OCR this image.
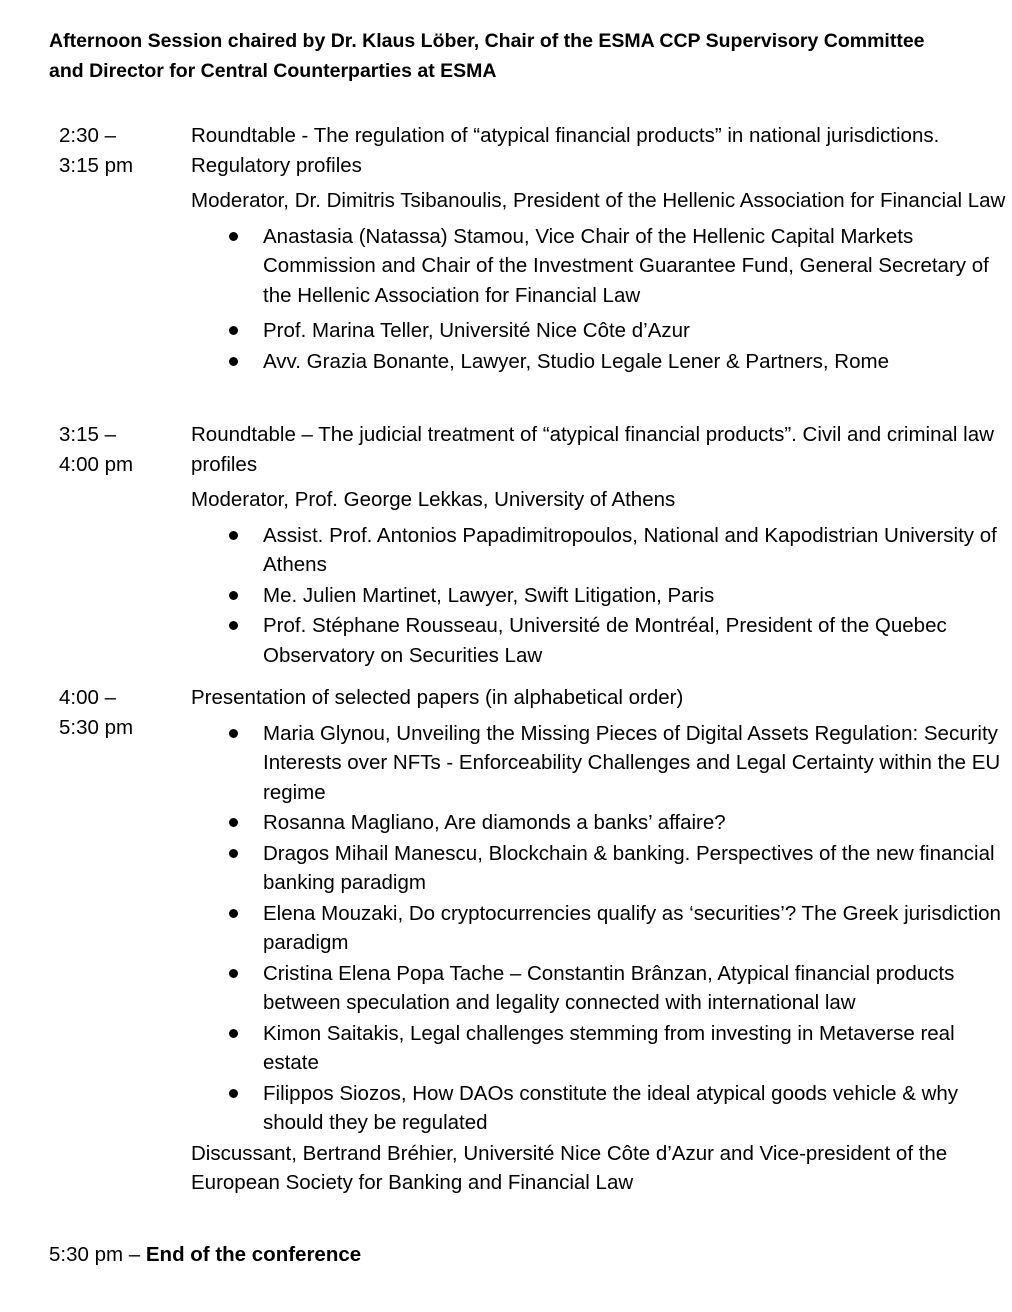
Afternoon Session chaired by Dr. Klaus Löber, Chair of the ESMA CCP Supervisory Committee
and Director for Central Counterparties at ESMA
2:30 –
3:15 pm
Roundtable - The regulation of “atypical financial products” in national jurisdictions. Regulatory profiles
Moderator, Dr. Dimitris Tsibanoulis, President of the Hellenic Association for Financial Law
Anastasia (Natassa) Stamou, Vice Chair of the Hellenic Capital Markets Commission and Chair of the Investment Guarantee Fund, General Secretary of the Hellenic Association for Financial Law
Prof. Marina Teller, Université Nice Côte d’Azur
Avv. Grazia Bonante, Lawyer, Studio Legale Lener & Partners, Rome
3:15 –
4:00 pm
Roundtable – The judicial treatment of “atypical financial products”. Civil and criminal law profiles
Moderator, Prof. George Lekkas, University of Athens
Assist. Prof. Antonios Papadimitropoulos, National and Kapodistrian University of Athens
Me. Julien Martinet, Lawyer, Swift Litigation, Paris
Prof. Stéphane Rousseau, Université de Montréal, President of the Quebec Observatory on Securities Law
4:00 –
5:30 pm
Presentation of selected papers (in alphabetical order)
Maria Glynou, Unveiling the Missing Pieces of Digital Assets Regulation: Security Interests over NFTs - Enforceability Challenges and Legal Certainty within the EU regime
Rosanna Magliano, Are diamonds a banks’ affaire?
Dragos Mihail Manescu, Blockchain & banking. Perspectives of the new financial banking paradigm
Elena Mouzaki, Do cryptocurrencies qualify as ‘securities’? The Greek jurisdiction paradigm
Cristina Elena Popa Tache – Constantin Brânzan, Atypical financial products between speculation and legality connected with international law
Kimon Saitakis, Legal challenges stemming from investing in Metaverse real estate
Filippos Siozos, How DAOs constitute the ideal atypical goods vehicle & why should they be regulated
Discussant, Bertrand Bréhier, Université Nice Côte d’Azur and Vice-president of the European Society for Banking and Financial Law
5:30 pm – End of the conference
